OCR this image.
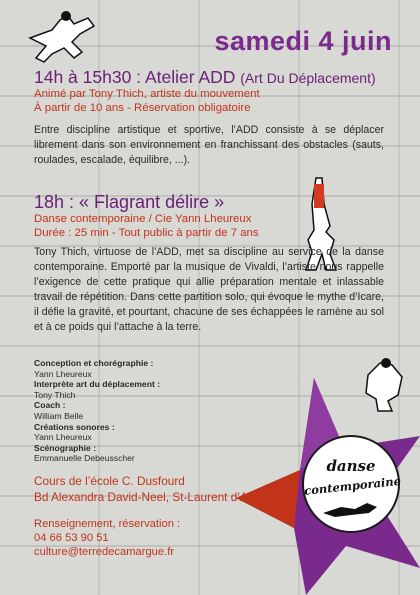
samedi 4 juin
14h à 15h30 : Atelier ADD (Art Du Déplacement)
Animé par Tony Thich, artiste du mouvement
À partir de 10 ans - Réservation obligatoire
Entre discipline artistique et sportive, l’ADD consiste à se déplacer librement dans son environnement en franchissant des obstacles (sauts, roulades, escalade, équilibre, ...).
18h : « Flagrant délire »
Danse contemporaine / Cie Yann Lheureux
Durée : 25 min - Tout public à partir de 7 ans
Tony Thich, virtuose de l’ADD, met sa discipline au service de la danse contemporaine. Emporté par la musique de Vivaldi, l’artiste nous rappelle l’exigence de cette pratique qui allie préparation mentale et inlassable travail de répétition. Dans cette partition solo, qui évoque le mythe d’Icare, il défie la gravité, et pourtant, chacune de ses échappées le ramène au sol et à ce poids qui l’attache à la terre.
Conception et chorégraphie :
Yann Lheureux
Interprète art du déplacement :
Tony Thich
Coach :
William Belle
Créations sonores :
Yann Lheureux
Scénographie :
Emmanuelle Debeusscher
Cours de l’école C. Dusfourd
Bd Alexandra David-Neel, St-Laurent d’Aigouze
Renseignement, réservation :
04 66 53 90 51
culture@terredecamargue.fr
danse
contemporaine
